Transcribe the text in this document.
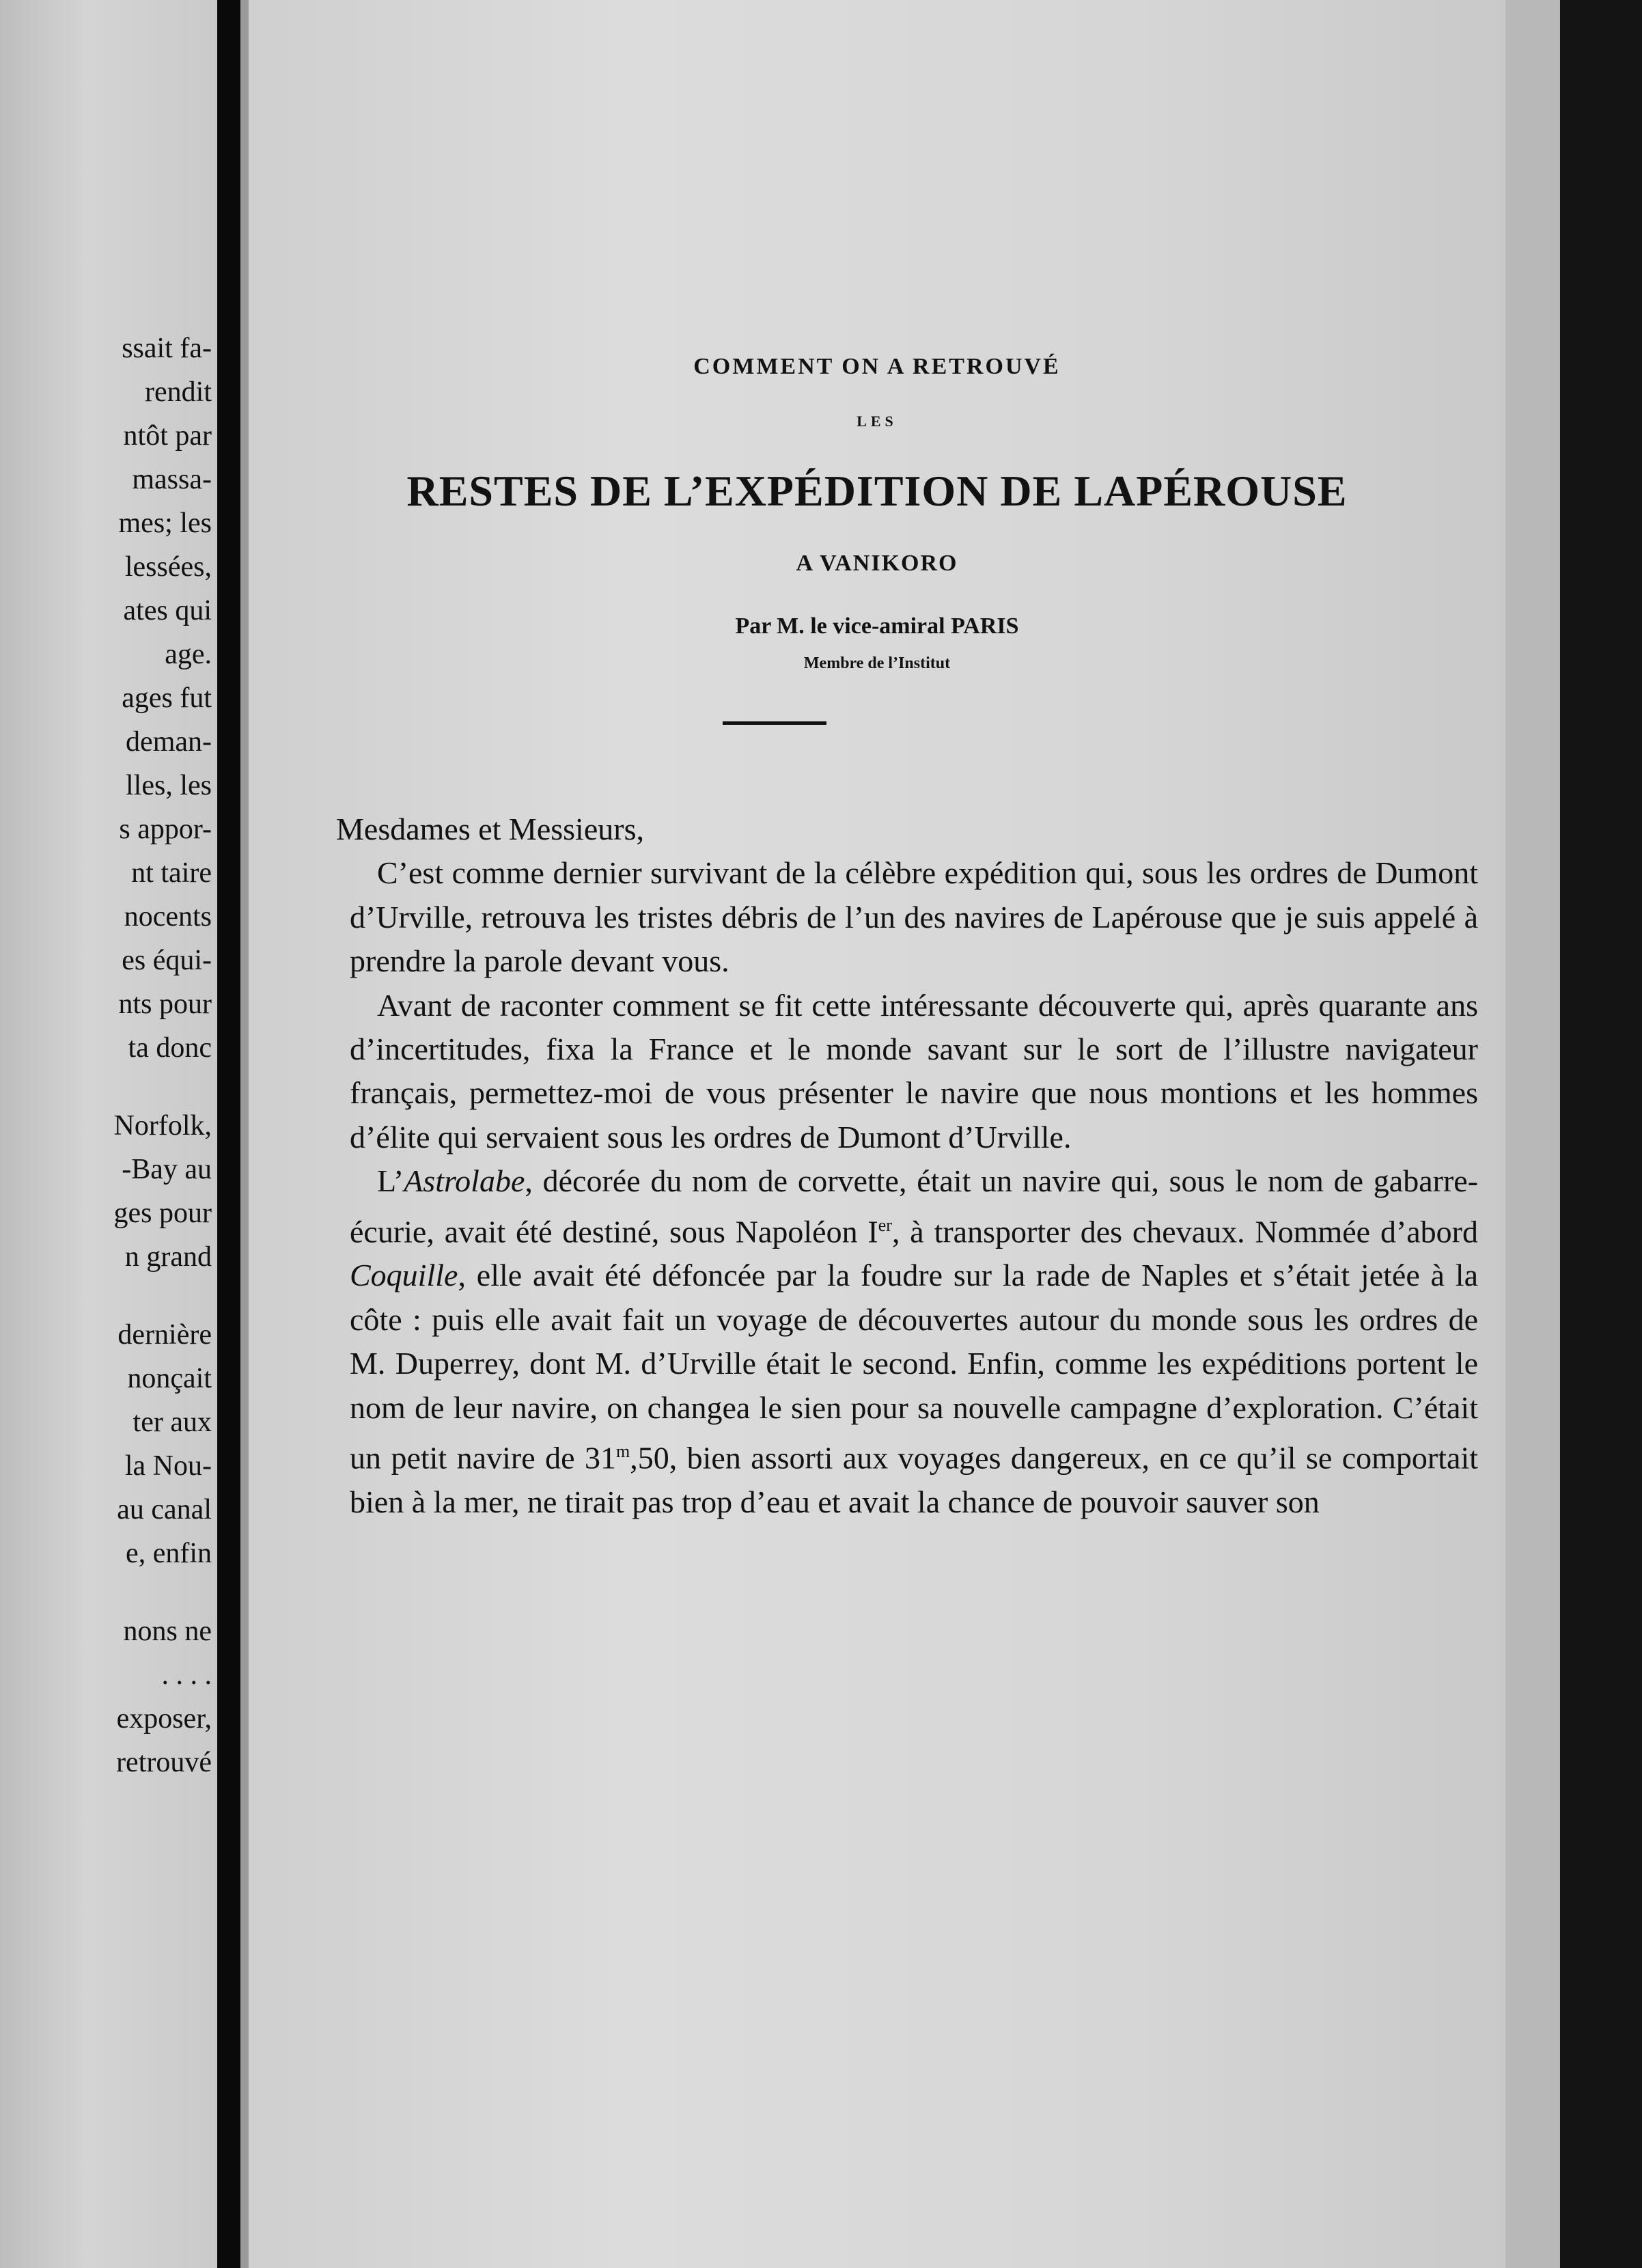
ssait fa-
rendit
ntôt par
massa-
mes; les
lessées,
ates qui
age.
ages fut
deman-
lles, les
s appor-
nt taire
nocents
es équi-
nts pour
ta donc
Norfolk,
-Bay au
ges pour
n grand
dernière
nonçait
ter aux
la Nou-
au canal
e, enfin
nons ne
. . . .
exposer,
retrouvé
COMMENT ON A RETROUVÉ
LES
RESTES DE L’EXPÉDITION DE LAPÉROUSE
A VANIKORO
Par M. le vice-amiral PARIS
Membre de l’Institut

Mesdames et Messieurs,

C’est comme dernier survivant de la célèbre expédition qui, sous les ordres de Dumont d’Urville, retrouva les tristes débris de l’un des navires de Lapérouse que je suis appelé à prendre la parole devant vous.

Avant de raconter comment se fit cette intéressante découverte qui, après quarante ans d’incertitudes, fixa la France et le monde savant sur le sort de l’illustre navigateur français, permettez-moi de vous présenter le navire que nous montions et les hommes d’élite qui servaient sous les ordres de Dumont d’Urville.

L’Astrolabe, décorée du nom de corvette, était un navire qui, sous le nom de gabarre-écurie, avait été destiné, sous Napoléon Ier, à transporter des chevaux. Nommée d’abord Coquille, elle avait été défoncée par la foudre sur la rade de Naples et s’était jetée à la côte : puis elle avait fait un voyage de découvertes autour du monde sous les ordres de M. Duperrey, dont M. d’Urville était le second. Enfin, comme les expéditions portent le nom de leur navire, on changea le sien pour sa nouvelle campagne d’exploration. C’était un petit navire de 31$^m$,50, bien assorti aux voyages dangereux, en ce qu’il se comportait bien à la mer, ne tirait pas trop d’eau et avait la chance de pouvoir sauver son
